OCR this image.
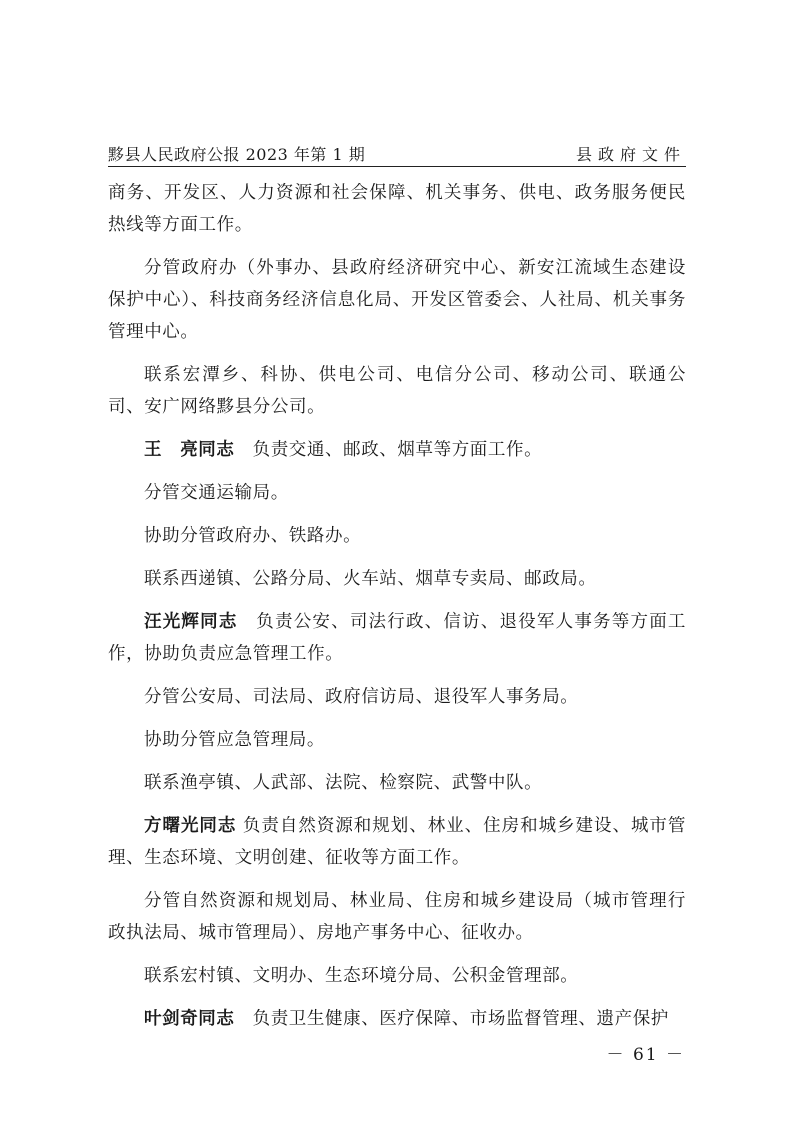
黟县人民政府公报 2023 年第 1 期	县政府文件

商务、开发区、人力资源和社会保障、机关事务、供电、政务服务便民热线等方面工作。

分管政府办（外事办、县政府经济研究中心、新安江流域生态建设保护中心）、科技商务经济信息化局、开发区管委会、人社局、机关事务管理中心。

联系宏潭乡、科协、供电公司、电信分公司、移动公司、联通公司、安广网络黟县分公司。

王　亮同志　负责交通、邮政、烟草等方面工作。

分管交通运输局。

协助分管政府办、铁路办。

联系西递镇、公路分局、火车站、烟草专卖局、邮政局。

汪光辉同志　负责公安、司法行政、信访、退役军人事务等方面工作，协助负责应急管理工作。

分管公安局、司法局、政府信访局、退役军人事务局。

协助分管应急管理局。

联系渔亭镇、人武部、法院、检察院、武警中队。

方曙光同志 负责自然资源和规划、林业、住房和城乡建设、城市管理、生态环境、文明创建、征收等方面工作。

分管自然资源和规划局、林业局、住房和城乡建设局（城市管理行政执法局、城市管理局）、房地产事务中心、征收办。

联系宏村镇、文明办、生态环境分局、公积金管理部。

叶剑奇同志　负责卫生健康、医疗保障、市场监督管理、遗产保护

－ 61 －
